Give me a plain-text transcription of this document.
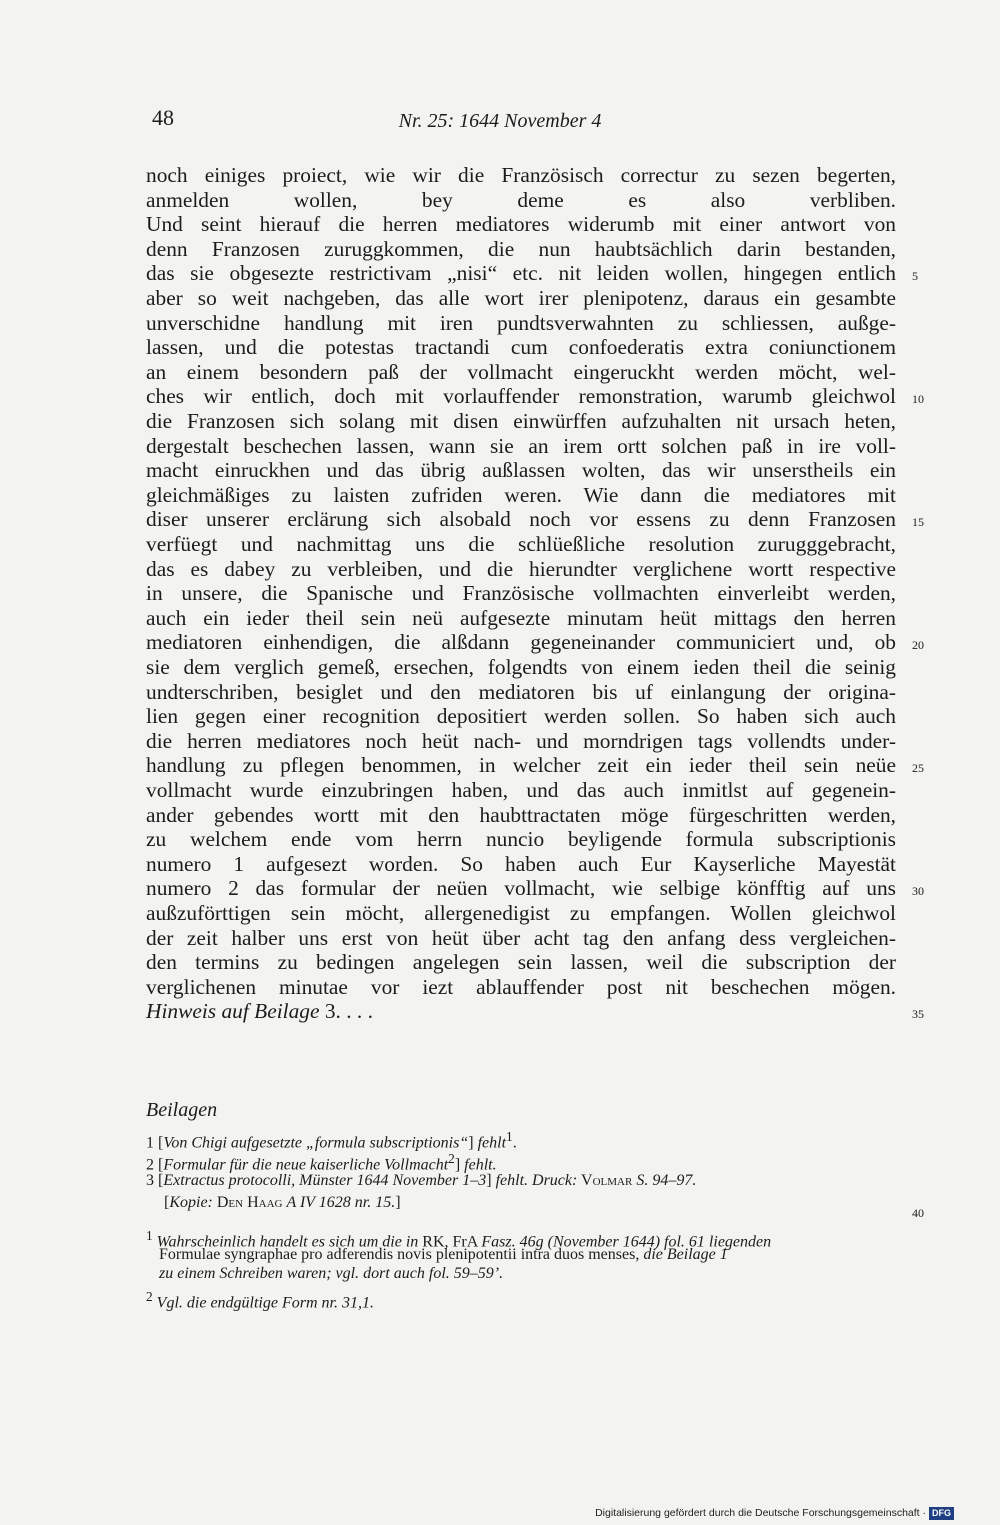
48	Nr. 25: 1644 November 4
noch einiges proiect, wie wir die Französisch correctur zu sezen begerten,
anmelden wollen, bey deme es also verbliben.
Und seint hierauf die herren mediatores widerumb mit einer antwort von
denn Franzosen zuruggkommen, die nun haubtsächlich darin bestanden,
das sie obgesezte restrictivam „nisi“ etc. nit leiden wollen, hingegen entlich
aber so weit nachgeben, das alle wort irer plenipotenz, daraus ein gesambte
unverschidne handlung mit iren pundtsverwahnten zu schliessen, außge-
lassen, und die potestas tractandi cum confoederatis extra coniunctionem
an einem besondern paß der vollmacht eingeruckht werden möcht, wel-
ches wir entlich, doch mit vorlauffender remonstration, warumb gleichwol
die Franzosen sich solang mit disen einwürffen aufzuhalten nit ursach heten,
dergestalt beschechen lassen, wann sie an irem ortt solchen paß in ire voll-
macht einruckhen und das übrig außlassen wolten, das wir unserstheils ein
gleichmäßiges zu laisten zufriden weren. Wie dann die mediatores mit
diser unserer erclärung sich alsobald noch vor essens zu denn Franzosen
verfüegt und nachmittag uns die schlüeßliche resolution zurugggebracht,
das es dabey zu verbleiben, und die hierundter verglichene wortt respective
in unsere, die Spanische und Französische vollmachten einverleibt werden,
auch ein ieder theil sein neü aufgesezte minutam heüt mittags den herren
mediatoren einhendigen, die alßdann gegeneinander communiciert und, ob
sie dem verglich gemeß, ersechen, folgendts von einem ieden theil die seinig
undterschriben, besiglet und den mediatoren bis uf einlangung der origina-
lien gegen einer recognition depositiert werden sollen. So haben sich auch
die herren mediatores noch heüt nach- und morndrigen tags vollendts under-
handlung zu pflegen benommen, in welcher zeit ein ieder theil sein neüe
vollmacht wurde einzubringen haben, und das auch inmitlst auf gegenein-
ander gebendes wortt mit den haubttractaten möge fürgeschritten werden,
zu welchem ende vom herrn nuncio beyligende formula subscriptionis
numero 1 aufgesezt worden. So haben auch Eur Kayserliche Mayestät
numero 2 das formular der neüen vollmacht, wie selbige könfftig auf uns
außzuförttigen sein möcht, allergenedigist zu empfangen. Wollen gleichwol
der zeit halber uns erst von heüt über acht tag den anfang dess vergleichen-
den termins zu bedingen angelegen sein lassen, weil die subscription der
verglichenen minutae vor iezt ablauffender post nit beschechen mögen.
Hinweis auf Beilage 3. . . .
5
10
15
20
25
30
35
40
Beilagen
1 [Von Chigi aufgesetzte „formula subscriptionis“] fehlt$^1$.
2 [Formular für die neue kaiserliche Vollmacht$^2$] fehlt.
3 [Extractus protocolli, Münster 1644 November 1–3] fehlt. Druck: Volmar S. 94–97.
[Kopie: Den Haag A IV 1628 nr. 15.]
$^1$ Wahrscheinlich handelt es sich um die in RK, FrA Fasz. 46g (November 1644) fol. 61 liegenden
Formulae syngraphae pro adferendis novis plenipotentii intra duos menses, die Beilage 1
zu einem Schreiben waren; vgl. dort auch fol. 59–59’.
$^2$ Vgl. die endgültige Form nr. 31,1.
Digitalisierung gefördert durch die Deutsche Forschungsgemeinschaft · DFG
